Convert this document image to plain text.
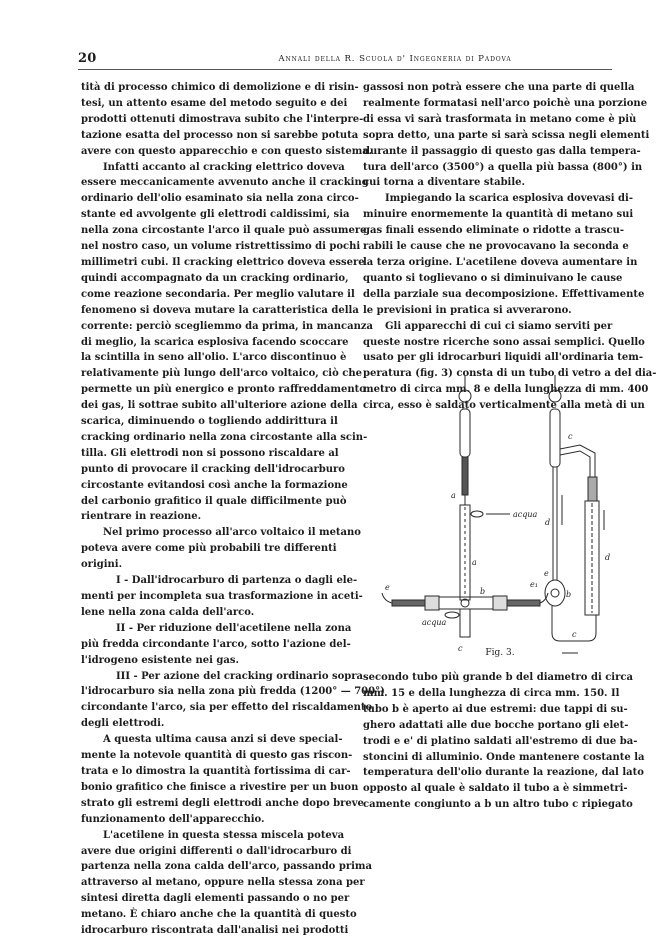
20	Annali della R. Scuola d' Ingegneria di Padova
tità di processo chimico di demolizione e di risin-
tesi, un attento esame del metodo seguito e dei
prodotti ottenuti dimostrava subito che l'interpre-
tazione esatta del processo non si sarebbe potuta
avere con questo apparecchio e con questo sistema.
Infatti accanto al cracking elettrico doveva
essere meccanicamente avvenuto anche il cracking
ordinario dell'olio esaminato sia nella zona circo-
stante ed avvolgente gli elettrodi caldissimi, sia
nella zona circostante l'arco il quale può assumere,
nel nostro caso, un volume ristrettissimo di pochi
millimetri cubi. Il cracking elettrico doveva essere
quindi accompagnato da un cracking ordinario,
come reazione secondaria. Per meglio valutare il
fenomeno si doveva mutare la caratteristica della
corrente: perciò scegliemmo da prima, in mancanza
di meglio, la scarica esplosiva facendo scoccare
la scintilla in seno all'olio. L'arco discontinuo è
relativamente più lungo dell'arco voltaico, ciò che
permette un più energico e pronto raffreddamento
dei gas, li sottrae subito all'ulteriore azione della
scarica, diminuendo o togliendo addirittura il
cracking ordinario nella zona circostante alla scin-
tilla. Gli elettrodi non si possono riscaldare al
punto di provocare il cracking dell'idrocarburo
circostante evitandosi così anche la formazione
del carbonio grafitico il quale difficilmente può
rientrare in reazione.
Nel primo processo all'arco voltaico il metano
poteva avere come più probabili tre differenti
origini.
I - Dall'idrocarburo di partenza o dagli ele-
menti per incompleta sua trasformazione in aceti-
lene nella zona calda dell'arco.
II - Per riduzione dell'acetilene nella zona
più fredda circondante l'arco, sotto l'azione del-
l'idrogeno esistente nei gas.
III - Per azione del cracking ordinario sopra
l'idrocarburo sia nella zona più fredda (1200° — 700°)
circondante l'arco, sia per effetto del riscaldamento
degli elettrodi.
A questa ultima causa anzi si deve special-
mente la notevole quantità di questo gas riscon-
trata e lo dimostra la quantità fortissima di car-
bonio grafitico che finisce a rivestire per un buon
strato gli estremi degli elettrodi anche dopo breve
funzionamento dell'apparecchio.
L'acetilene in questa stessa miscela poteva
avere due origini differenti o dall'idrocarburo di
partenza nella zona calda dell'arco, passando prima
attraverso al metano, oppure nella stessa zona per
sintesi diretta dagli elementi passando o no per
metano. È chiaro anche che la quantità di questo
idrocarburo riscontrata dall'analisi nei prodotti
gassosi non potrà essere che una parte di quella
realmente formatasi nell'arco poichè una porzione
di essa vi sarà trasformata in metano come è più
sopra detto, una parte si sarà scissa negli elementi
durante il passaggio di questo gas dalla tempera-
tura dell'arco (3500°) a quella più bassa (800°) in
cui torna a diventare stabile.
Impiegando la scarica esplosiva dovevasi di-
minuire enormemente la quantità di metano sui
gas finali essendo eliminate o ridotte a trascu-
rabili le cause che ne provocavano la seconda e
la terza origine. L'acetilene doveva aumentare in
quanto si toglievano o si diminuivano le cause
della parziale sua decomposizione. Effettivamente
le previsioni in pratica si avverarono.
Gli apparecchi di cui ci siamo serviti per
queste nostre ricerche sono assai semplici. Quello
usato per gli idrocarburi liquidi all'ordinaria tem-
peratura (fig. 3) consta di un tubo di vetro a del dia-
metro di circa mm. 8 e della lunghezza di mm. 400
circa, esso è saldato verticalmente alla metà di un
a
acqua
a
b
e	e₁
acqua
c
c
d
d
e
b
c
Fig. 3.
secondo tubo più grande b del diametro di circa
mm. 15 e della lunghezza di circa mm. 150. Il
tubo b è aperto ai due estremi: due tappi di su-
ghero adattati alle due bocche portano gli elet-
trodi e e' di platino saldati all'estremo di due ba-
stoncini di alluminio. Onde mantenere costante la
temperatura dell'olio durante la reazione, dal lato
opposto al quale è saldato il tubo a è simmetri-
camente congiunto a b un altro tubo c ripiegato
